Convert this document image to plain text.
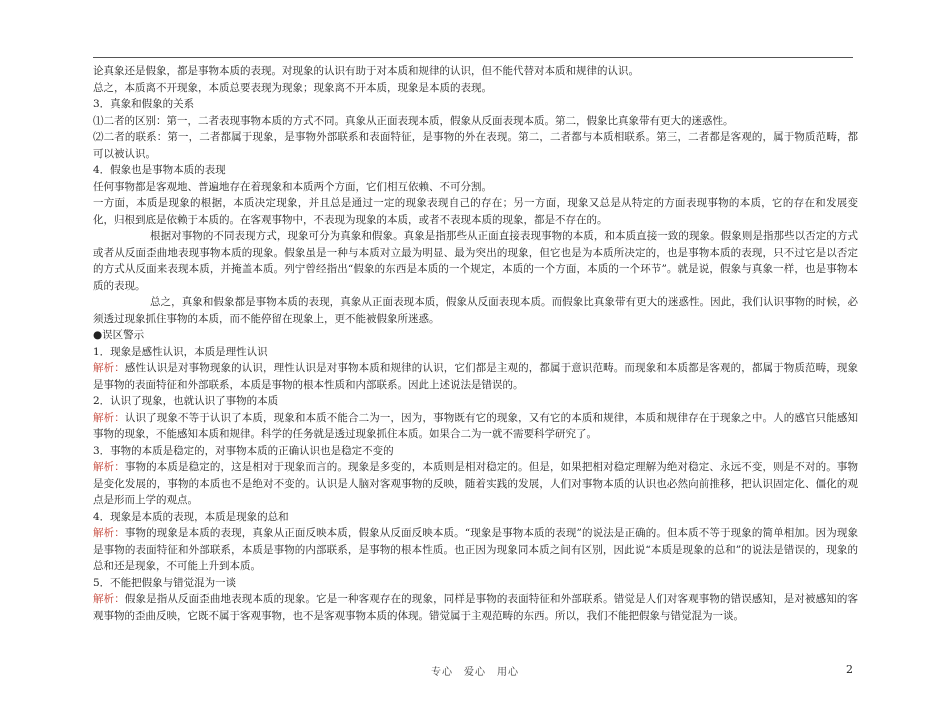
论真象还是假象，都是事物本质的表现。对现象的认识有助于对本质和规律的认识，但不能代替对本质和规律的认识。

总之，本质离不开现象，本质总要表现为现象；现象离不开本质，现象是本质的表现。

3．真象和假象的关系

⑴二者的区别：第一，二者表现事物本质的方式不同。真象从正面表现本质，假象从反面表现本质。第二，假象比真象带有更大的迷惑性。

⑵二者的联系：第一，二者都属于现象，是事物外部联系和表面特征，是事物的外在表现。第二，二者都与本质相联系。第三，二者都是客观的，属于物质范畴，都可以被认识。

4．假象也是事物本质的表现

任何事物都是客观地、普遍地存在着现象和本质两个方面，它们相互依赖、不可分割。

一方面，本质是现象的根据，本质决定现象，并且总是通过一定的现象表现自己的存在；另一方面，现象又总是从特定的方面表现事物的本质，它的存在和发展变化，归根到底是依赖于本质的。在客观事物中，不表现为现象的本质，或者不表现本质的现象，都是不存在的。

根据对事物的不同表现方式，现象可分为真象和假象。真象是指那些从正面直接表现事物的本质，和本质直接一致的现象。假象则是指那些以否定的方式或者从反面歪曲地表现事物本质的现象。假象虽是一种与本质对立最为明显、最为突出的现象，但它也是为本质所决定的，也是事物本质的表现，只不过它是以否定的方式从反面来表现本质，并掩盖本质。列宁曾经指出“假象的东西是本质的一个规定，本质的一个方面，本质的一个环节”。就是说，假象与真象一样，也是事物本质的表现。

总之，真象和假象都是事物本质的表现，真象从正面表现本质，假象从反面表现本质。而假象比真象带有更大的迷惑性。因此，我们认识事物的时候，必须透过现象抓住事物的本质，而不能停留在现象上，更不能被假象所迷惑。

●误区警示

1．现象是感性认识，本质是理性认识

解析：感性认识是对事物现象的认识，理性认识是对事物本质和规律的认识，它们都是主观的，都属于意识范畴。而现象和本质都是客观的，都属于物质范畴，现象是事物的表面特征和外部联系，本质是事物的根本性质和内部联系。因此上述说法是错误的。

2．认识了现象，也就认识了事物的本质

解析：认识了现象不等于认识了本质，现象和本质不能合二为一，因为，事物既有它的现象，又有它的本质和规律，本质和规律存在于现象之中。人的感官只能感知事物的现象，不能感知本质和规律。科学的任务就是透过现象抓住本质。如果合二为一就不需要科学研究了。

3．事物的本质是稳定的，对事物本质的正确认识也是稳定不变的

解析：事物的本质是稳定的，这是相对于现象而言的。现象是多变的，本质则是相对稳定的。但是，如果把相对稳定理解为绝对稳定、永远不变，则是不对的。事物是变化发展的，事物的本质也不是绝对不变的。认识是人脑对客观事物的反映，随着实践的发展，人们对事物本质的认识也必然向前推移，把认识固定化、僵化的观点是形而上学的观点。

4．现象是本质的表现，本质是现象的总和

解析：事物的现象是本质的表现，真象从正面反映本质，假象从反面反映本质。“现象是事物本质的表现”的说法是正确的。但本质不等于现象的简单相加。因为现象是事物的表面特征和外部联系，本质是事物的内部联系，是事物的根本性质。也正因为现象同本质之间有区别，因此说“本质是现象的总和”的说法是错误的，现象的总和还是现象，不可能上升到本质。

5．不能把假象与错觉混为一谈

解析：假象是指从反面歪曲地表现本质的现象。它是一种客观存在的现象，同样是事物的表面特征和外部联系。错觉是人们对客观事物的错误感知，是对被感知的客观事物的歪曲反映，它既不属于客观事物，也不是客观事物本质的体现。错觉属于主观范畴的东西。所以，我们不能把假象与错觉混为一谈。

专心　爱心　用心	2
